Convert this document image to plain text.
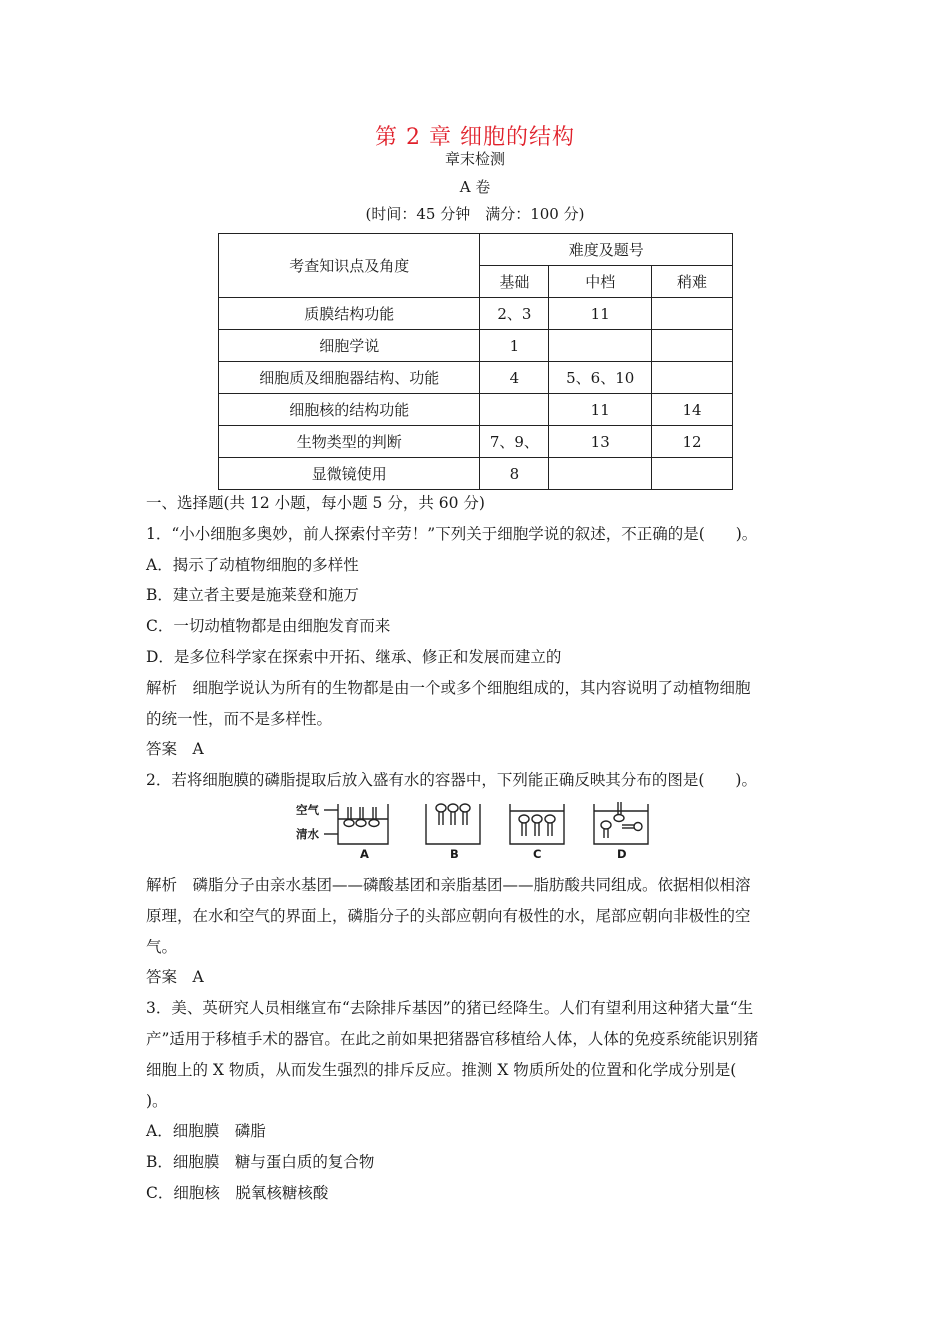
第 2 章 细胞的结构
章末检测
A 卷
(时间：45 分钟　满分：100 分)
考查知识点及角度	难度及题号		
	基础	中档	稍难
质膜结构功能	2、3	11	
细胞学说	1		
细胞质及细胞器结构、功能	4	5、6、10	
细胞核的结构功能		11	14
生物类型的判断	7、9、	13	12
显微镜使用	8		

一、选择题(共 12 小题，每小题 5 分，共 60 分)

1．“小小细胞多奥妙，前人探索付辛劳！”下列关于细胞学说的叙述，不正确的是(　　)。

A．揭示了动植物细胞的多样性

B．建立者主要是施莱登和施万

C．一切动植物都是由细胞发育而来

D．是多位科学家在探索中开拓、继承、修正和发展而建立的

解析　细胞学说认为所有的生物都是由一个或多个细胞组成的，其内容说明了动植物细胞

的统一性，而不是多样性。

答案　A

2．若将细胞膜的磷脂提取后放入盛有水的容器中，下列能正确反映其分布的图是(　　)。

空气
清水
A	B	C	D

解析　磷脂分子由亲水基团——磷酸基团和亲脂基团——脂肪酸共同组成。依据相似相溶

原理，在水和空气的界面上，磷脂分子的头部应朝向有极性的水，尾部应朝向非极性的空

气。

答案　A

3．美、英研究人员相继宣布“去除排斥基因”的猪已经降生。人们有望利用这种猪大量“生

产”适用于移植手术的器官。在此之前如果把猪器官移植给人体，人体的免疫系统能识别猪

细胞上的 X 物质，从而发生强烈的排斥反应。推测 X 物质所处的位置和化学成分别是(

)。

A．细胞膜　磷脂

B．细胞膜　糖与蛋白质的复合物

C．细胞核　脱氧核糖核酸
